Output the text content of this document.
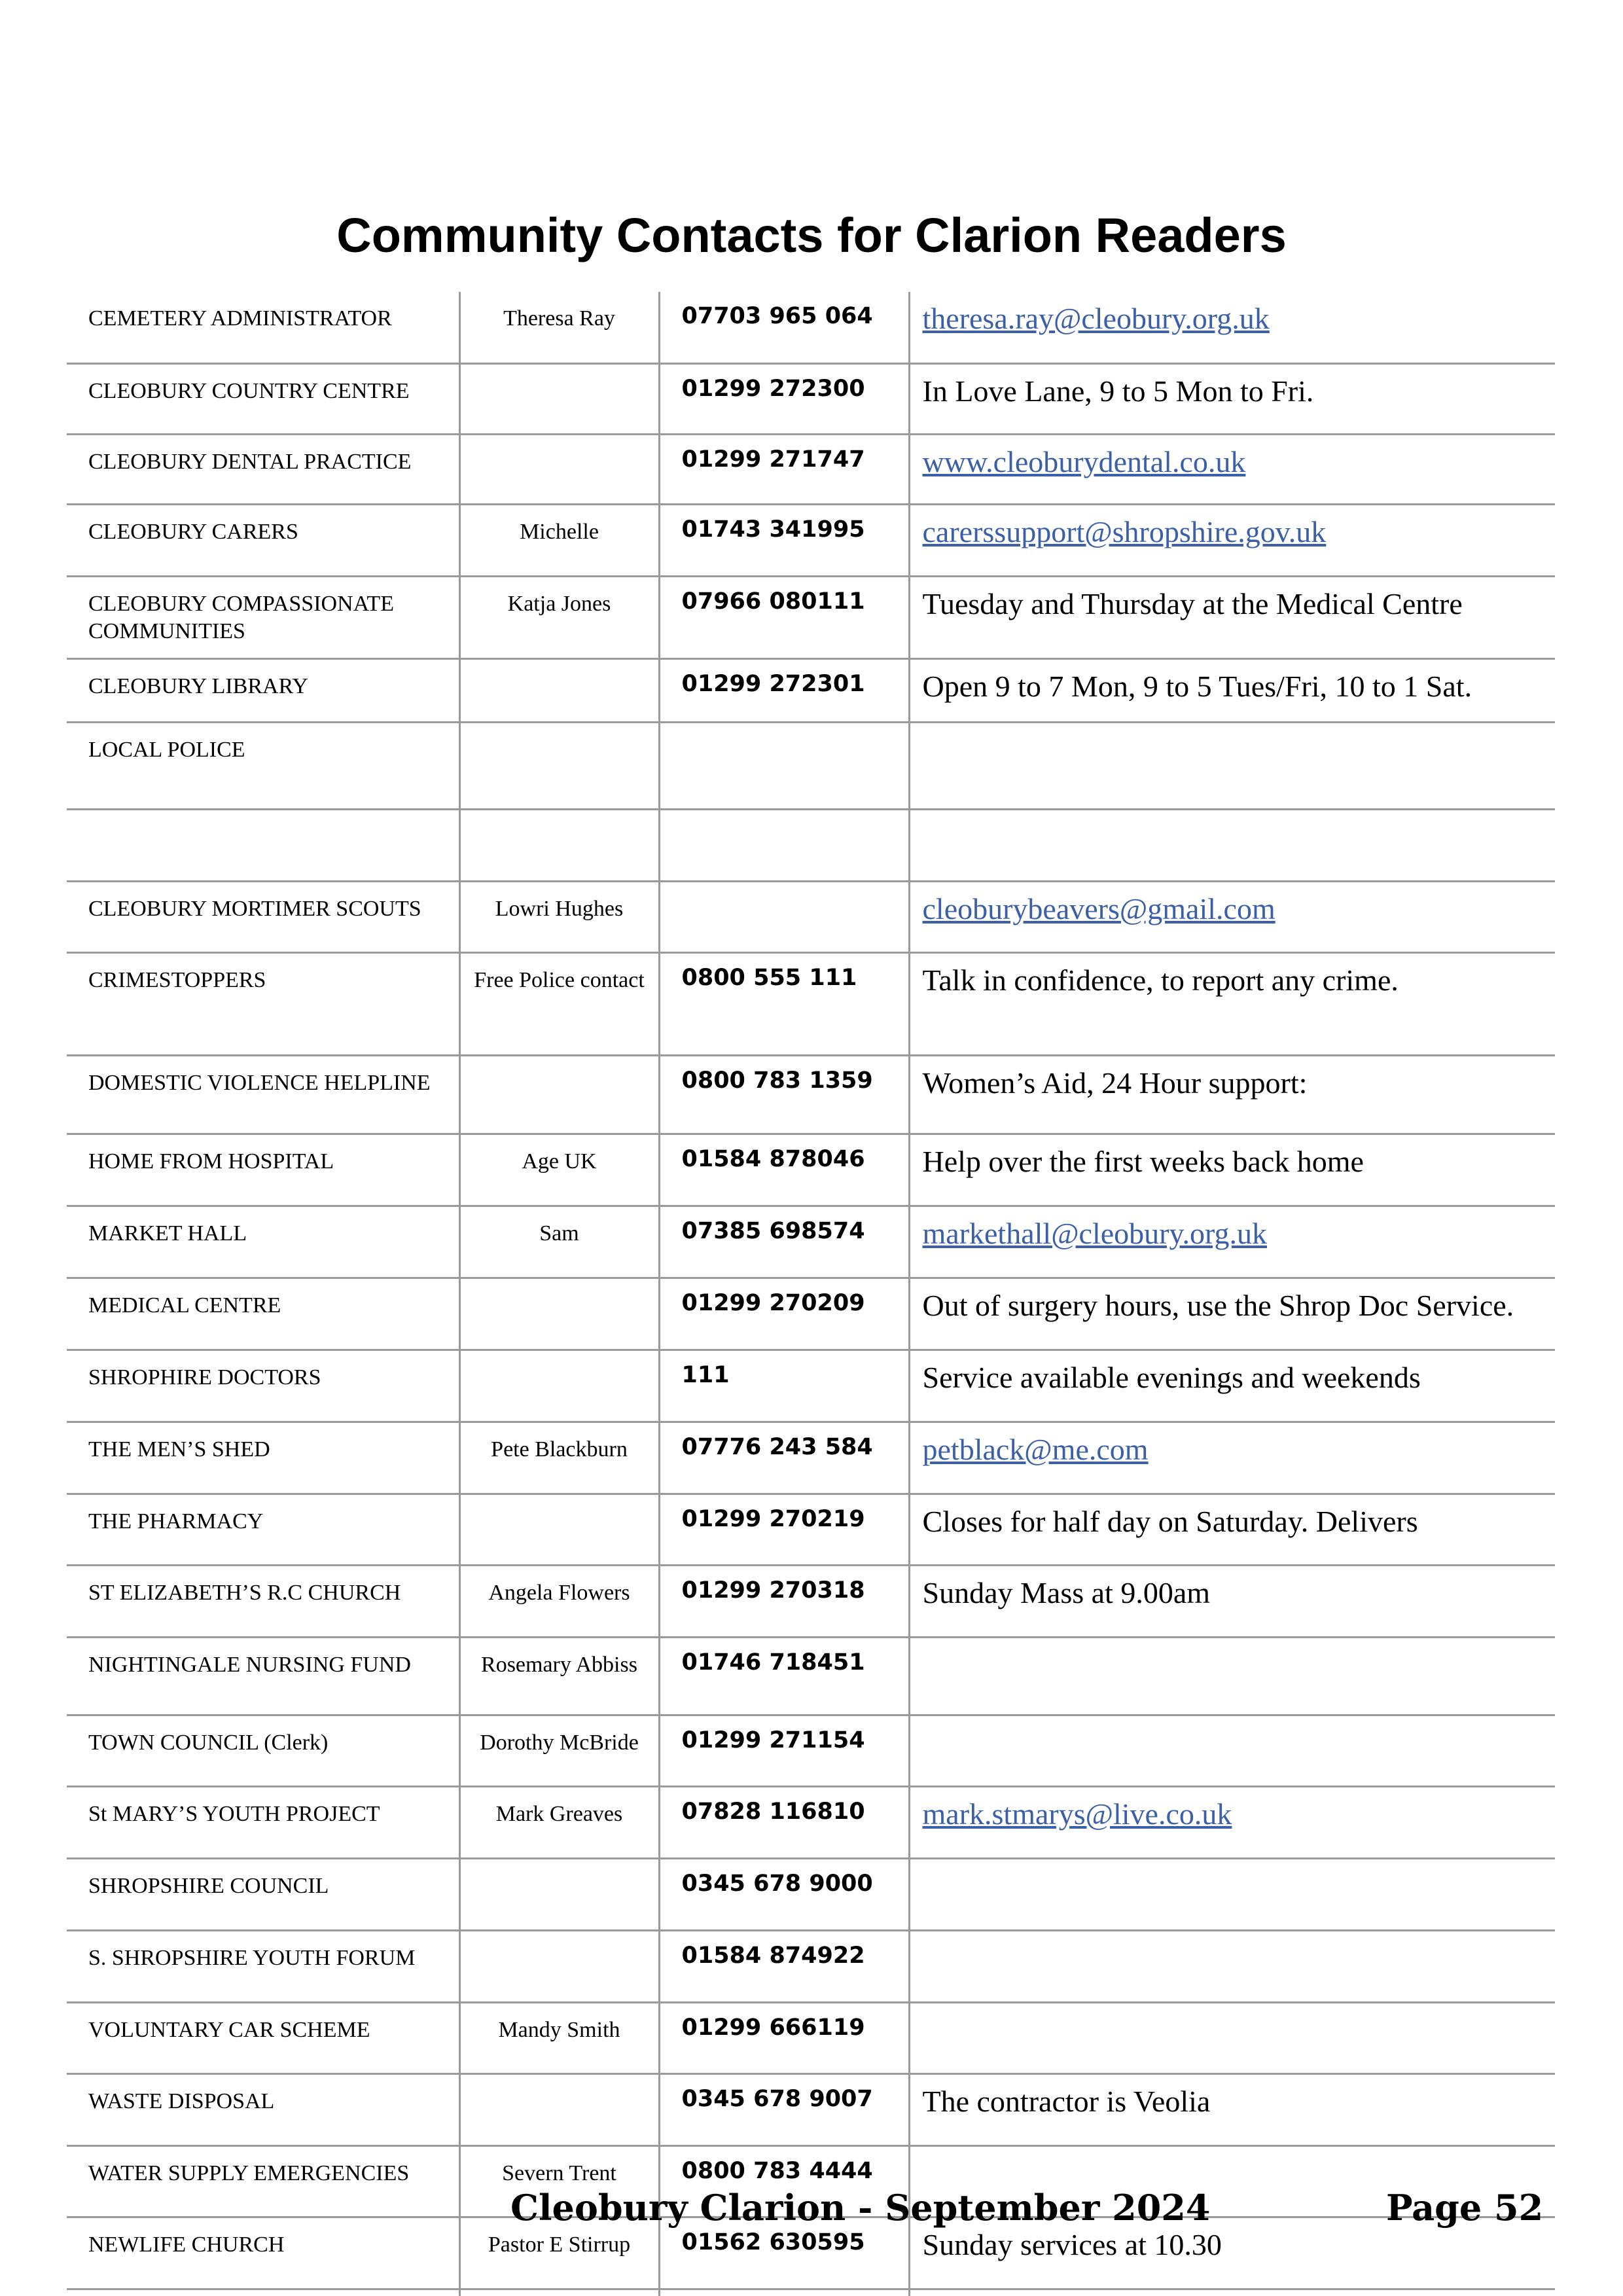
Community Contacts for Clarion Readers
CEMETERY ADMINISTRATOR	Theresa Ray	07703 965 064	theresa.ray@cleobury.org.uk
CLEOBURY COUNTRY CENTRE		01299 272300	In Love Lane, 9 to 5 Mon to Fri.
CLEOBURY DENTAL PRACTICE		01299 271747	www.cleoburydental.co.uk
CLEOBURY CARERS	Michelle	01743 341995	carerssupport@shropshire.gov.uk
CLEOBURY COMPASSIONATE COMMUNITIES	Katja Jones	07966 080111	Tuesday and Thursday at the Medical Centre
CLEOBURY LIBRARY		01299 272301	Open 9 to 7 Mon, 9 to 5 Tues/Fri, 10 to 1 Sat.
LOCAL POLICE			

CLEOBURY MORTIMER SCOUTS	Lowri Hughes		cleoburybeavers@gmail.com
CRIMESTOPPERS	Free Police contact	0800 555 111	Talk in confidence, to report any crime.
DOMESTIC VIOLENCE HELPLINE		0800 783 1359	Women’s Aid, 24 Hour support:
HOME FROM HOSPITAL	Age UK	01584 878046	Help over the first weeks back home
MARKET HALL	Sam	07385 698574	markethall@cleobury.org.uk
MEDICAL CENTRE		01299 270209	Out of surgery hours, use the Shrop Doc Service.
SHROPHIRE DOCTORS		111	Service available evenings and weekends
THE MEN’S SHED	Pete Blackburn	07776 243 584	petblack@me.com
THE PHARMACY		01299 270219	Closes for half day on Saturday. Delivers
ST ELIZABETH’S R.C CHURCH	Angela Flowers	01299 270318	Sunday Mass at 9.00am
NIGHTINGALE NURSING FUND	Rosemary Abbiss	01746 718451	
TOWN COUNCIL (Clerk)	Dorothy McBride	01299 271154	
St MARY’S YOUTH PROJECT	Mark Greaves	07828 116810	mark.stmarys@live.co.uk
SHROPSHIRE COUNCIL		0345 678 9000	
S. SHROPSHIRE YOUTH FORUM		01584 874922	
VOLUNTARY CAR SCHEME	Mandy Smith	01299 666119	
WASTE DISPOSAL		0345 678 9007	The contractor is Veolia
WATER SUPPLY EMERGENCIES	Severn Trent	0800 783 4444	
NEWLIFE CHURCH	Pastor E Stirrup	01562 630595	Sunday services at 10.30

Cleobury Clarion - September 2024	Page 52
